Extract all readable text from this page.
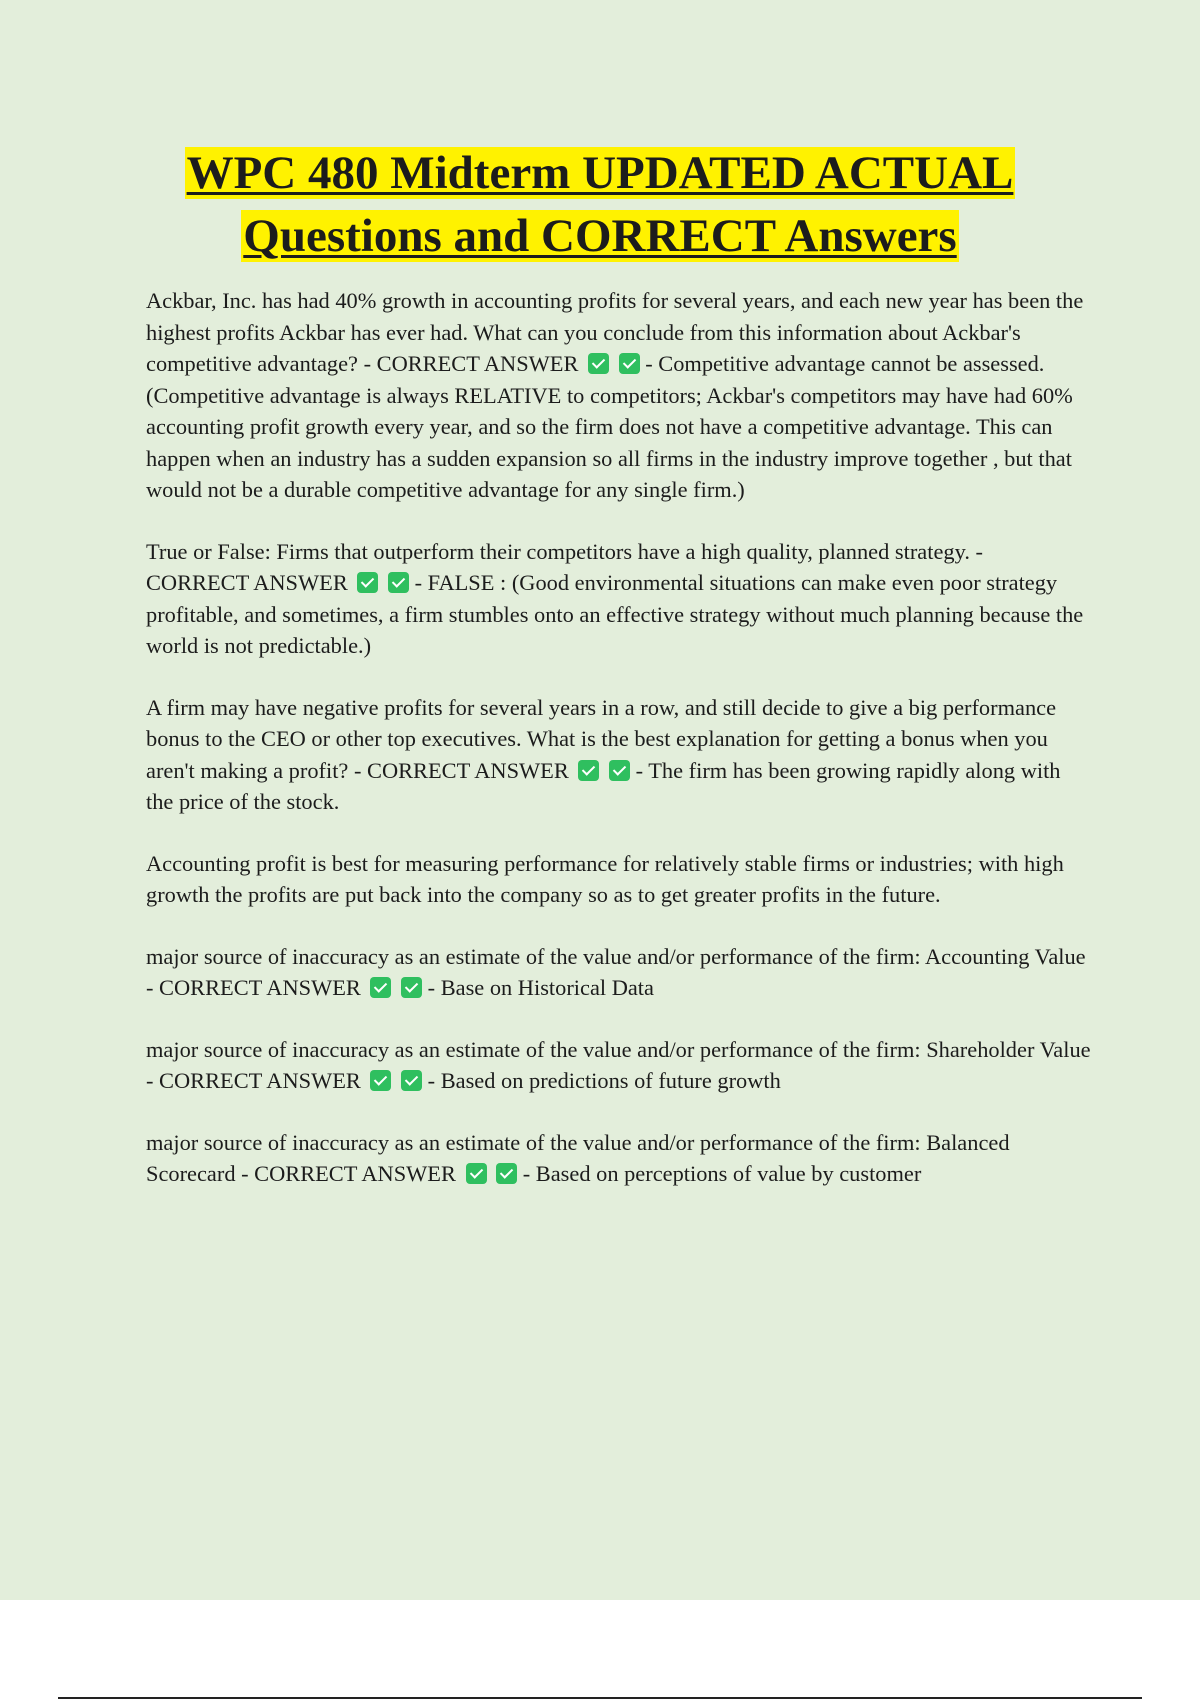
WPC 480 Midterm UPDATED ACTUAL
Questions and CORRECT Answers

Ackbar, Inc. has had 40% growth in accounting profits for several years, and each new year has been the highest profits Ackbar has ever had. What can you conclude from this information about Ackbar's competitive advantage? - CORRECT ANSWER	- Competitive advantage cannot be assessed. (Competitive advantage is always RELATIVE to competitors; Ackbar's competitors may have had 60% accounting profit growth every year, and so the firm does not have a competitive advantage. This can happen when an industry has a sudden expansion so all firms in the industry improve together , but that would not be a durable competitive advantage for any single firm.)

True or False: Firms that outperform their competitors have a high quality, planned strategy. - CORRECT ANSWER	- FALSE : (Good environmental situations can make even poor strategy profitable, and sometimes, a firm stumbles onto an effective strategy without much planning because the world is not predictable.)

A firm may have negative profits for several years in a row, and still decide to give a big performance bonus to the CEO or other top executives. What is the best explanation for getting a bonus when you aren't making a profit? - CORRECT ANSWER	- The firm has been growing rapidly along with the price of the stock.

Accounting profit is best for measuring performance for relatively stable firms or industries; with high growth the profits are put back into the company so as to get greater profits in the future.

major source of inaccuracy as an estimate of the value and/or performance of the firm: Accounting Value - CORRECT ANSWER	- Base on Historical Data

major source of inaccuracy as an estimate of the value and/or performance of the firm: Shareholder Value - CORRECT ANSWER	- Based on predictions of future growth

major source of inaccuracy as an estimate of the value and/or performance of the firm: Balanced Scorecard - CORRECT ANSWER	- Based on perceptions of value by customer
